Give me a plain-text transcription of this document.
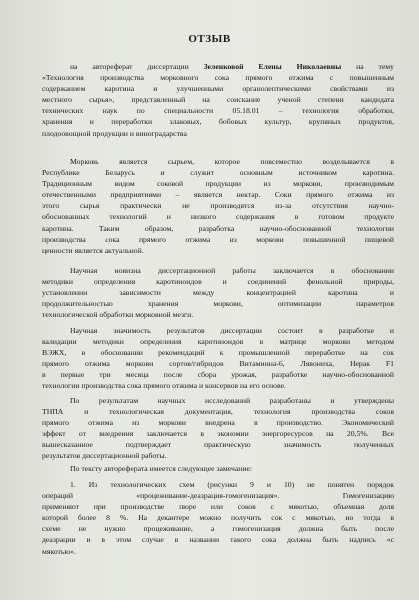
ОТЗЫВ
на автореферат диссертации Зеленковой Елены Николаевны на тему
«Технология производства морковного сока прямого отжима с повышенным
содержанием каротина и улучшенными органолептическими свойствами из
местного сырья», представленный на соискание ученой степени кандидата
технических наук по специальности 05.18.01 – технология обработки,
хранения и переработки злаковых, бобовых культур, крупяных продуктов,
плодоовощной продукции и виноградарства
Морковь является сырьем, которое повсеместно возделывается в
Республике Беларусь и служит основным источником каротина.
Традиционным видом соковой продукции из моркови, производимым
отечественными предприятиями – является нектар. Соки прямого отжима из
этого сырья практически не производятся из-за отсутствия научно-
обоснованных технологий и низкого содержания в готовом продукте
каротина. Таким образом, разработка научно-обоснованной технологии
производства сока прямого отжима из моркови повышенной пищевой
ценности является актуальной.
Научная новизна диссертационной работы заключается в обосновании
методики определения каротиноидов и соединений фенольной природы,
установлении зависимости между концентрацией каротина и
продолжительностью хранения моркови, оптимизации параметров
технологической обработки морковной мезги.
Научная значимость результатов диссертации состоит в разработке и
валидации методики определения каротиноидов в матрице моркови методом
ВЭЖХ, в обосновании рекомендаций к промышленной переработке на сок
прямого отжима моркови сортов/гибридов Витаминна-6, Лявониха, Нерак F1
в первые три месяца после сбора урожая, разработке научно-обоснованной
технологии производства сока прямого отжима и консервов на его основе.
По результатам научных исследований разработаны и утверждены
ТНПА и технологическая документация, технология производства соков
прямого отжима из моркови внедрена в производство. Экономический
эффект от внедрения заключается в экономии энергоресурсов на 20,5%. Все
вышесказанное подтверждает практическую значимость полученных
результатов диссертационной работы.
По тексту автореферата имеется следующее замечание:
1. Из технологических схем (рисунки 9 и 10) не понятен порядок
операций «процеживание-деазрация-гомогенизация». Гомогенизацию
применяют при производстве пюре или соков с мякотью, объемная доля
которой более 8 %. На декантере можно получить сок с мякотью, но тогда в
схеме не нужно процеживание, а гомогенизация должна быть после
деазрации и в этом случае в названии такого сока должна быть надпись «с
мякотью».
